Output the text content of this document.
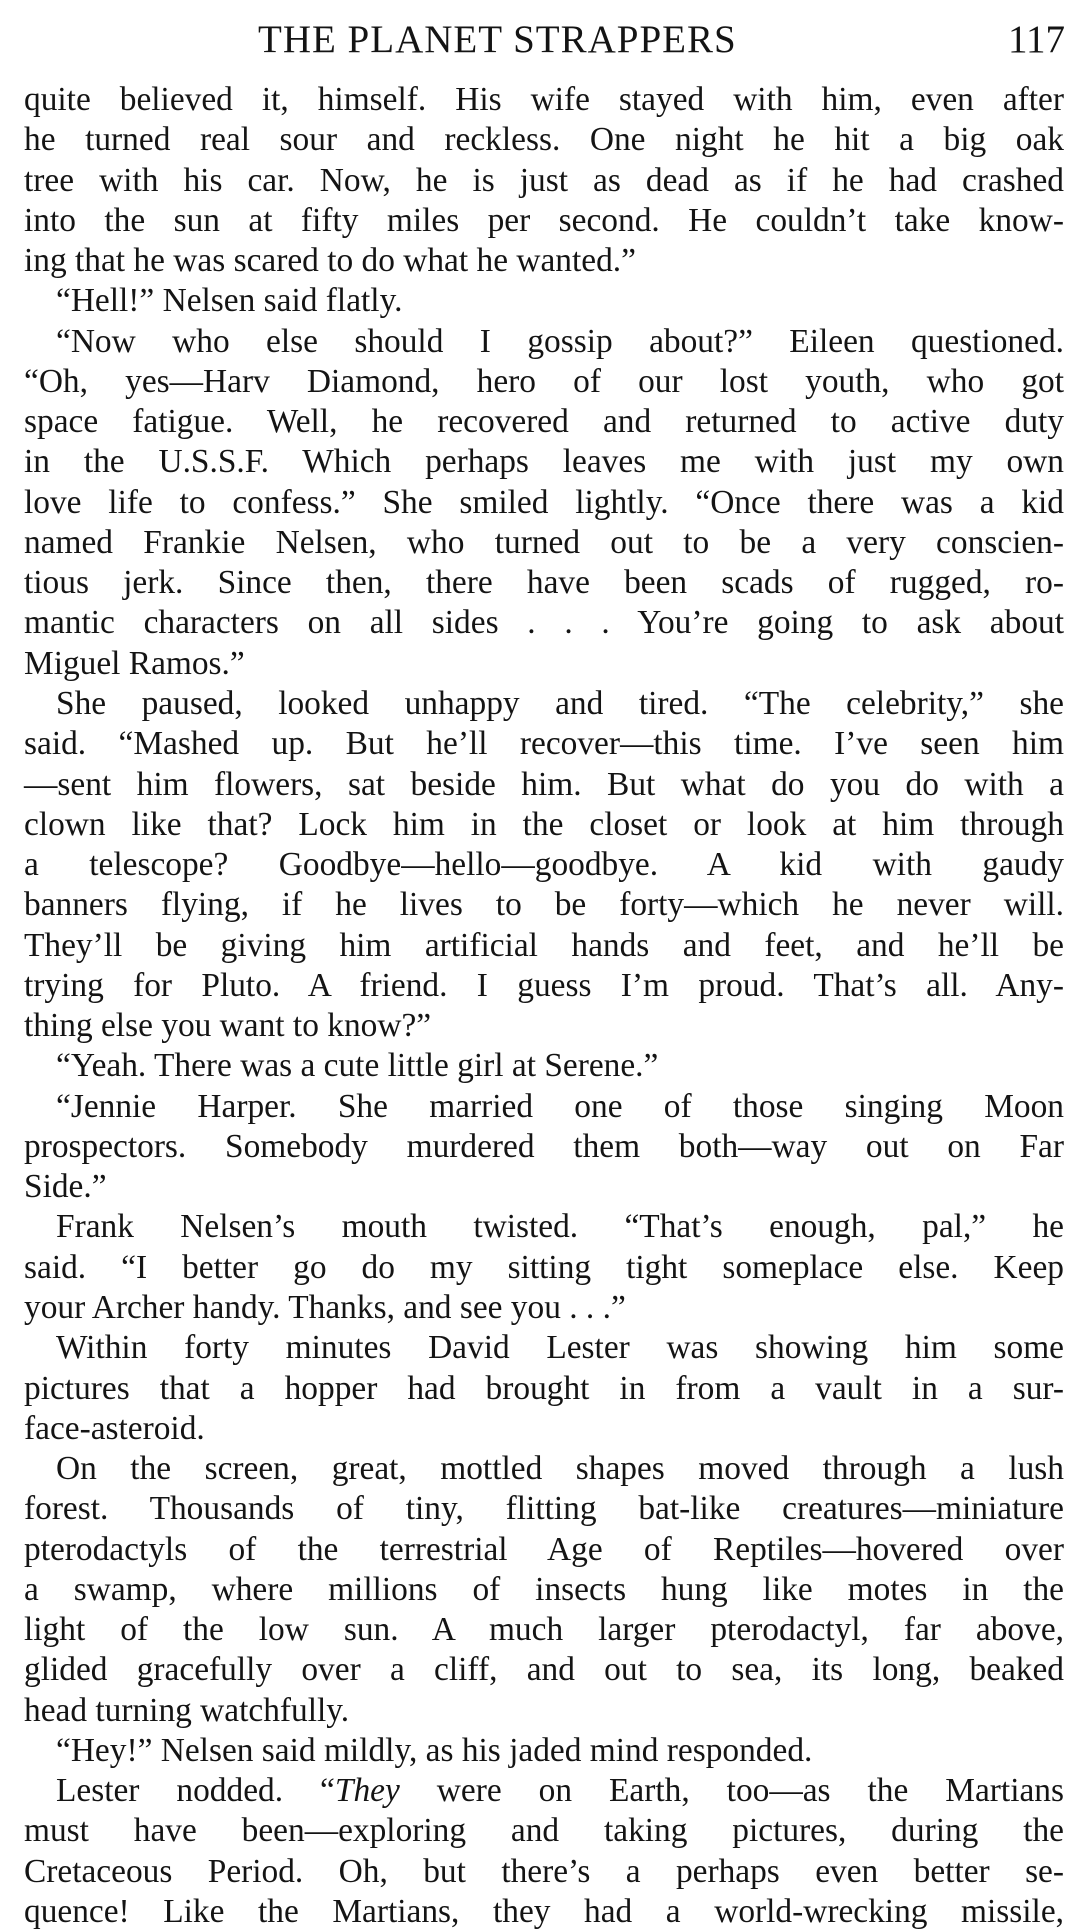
THE PLANET STRAPPERS	117
quite believed it, himself. His wife stayed with him, even after
he turned real sour and reckless. One night he hit a big oak
tree with his car. Now, he is just as dead as if he had crashed
into the sun at fifty miles per second. He couldn’t take know-
ing that he was scared to do what he wanted.”
“Hell!” Nelsen said flatly.
“Now who else should I gossip about?” Eileen questioned.
“Oh, yes—Harv Diamond, hero of our lost youth, who got
space fatigue. Well, he recovered and returned to active duty
in the U.S.S.F. Which perhaps leaves me with just my own
love life to confess.” She smiled lightly. “Once there was a kid
named Frankie Nelsen, who turned out to be a very conscien-
tious jerk. Since then, there have been scads of rugged, ro-
mantic characters on all sides . . . You’re going to ask about
Miguel Ramos.”
She paused, looked unhappy and tired. “The celebrity,” she
said. “Mashed up. But he’ll recover—this time. I’ve seen him
—sent him flowers, sat beside him. But what do you do with a
clown like that? Lock him in the closet or look at him through
a telescope? Goodbye—hello—goodbye. A kid with gaudy
banners flying, if he lives to be forty—which he never will.
They’ll be giving him artificial hands and feet, and he’ll be
trying for Pluto. A friend. I guess I’m proud. That’s all. Any-
thing else you want to know?”
“Yeah. There was a cute little girl at Serene.”
“Jennie Harper. She married one of those singing Moon
prospectors. Somebody murdered them both—way out on Far
Side.”
Frank Nelsen’s mouth twisted. “That’s enough, pal,” he
said. “I better go do my sitting tight someplace else. Keep
your Archer handy. Thanks, and see you . . .”
Within forty minutes David Lester was showing him some
pictures that a hopper had brought in from a vault in a sur-
face-asteroid.
On the screen, great, mottled shapes moved through a lush
forest. Thousands of tiny, flitting bat-like creatures—miniature
pterodactyls of the terrestrial Age of Reptiles—hovered over
a swamp, where millions of insects hung like motes in the
light of the low sun. A much larger pterodactyl, far above,
glided gracefully over a cliff, and out to sea, its long, beaked
head turning watchfully.
“Hey!” Nelsen said mildly, as his jaded mind responded.
Lester nodded. “They were on Earth, too—as the Martians
must have been—exploring and taking pictures, during the
Cretaceous Period. Oh, but there’s a perhaps even better se-
quence! Like the Martians, they had a world-wrecking missile,
